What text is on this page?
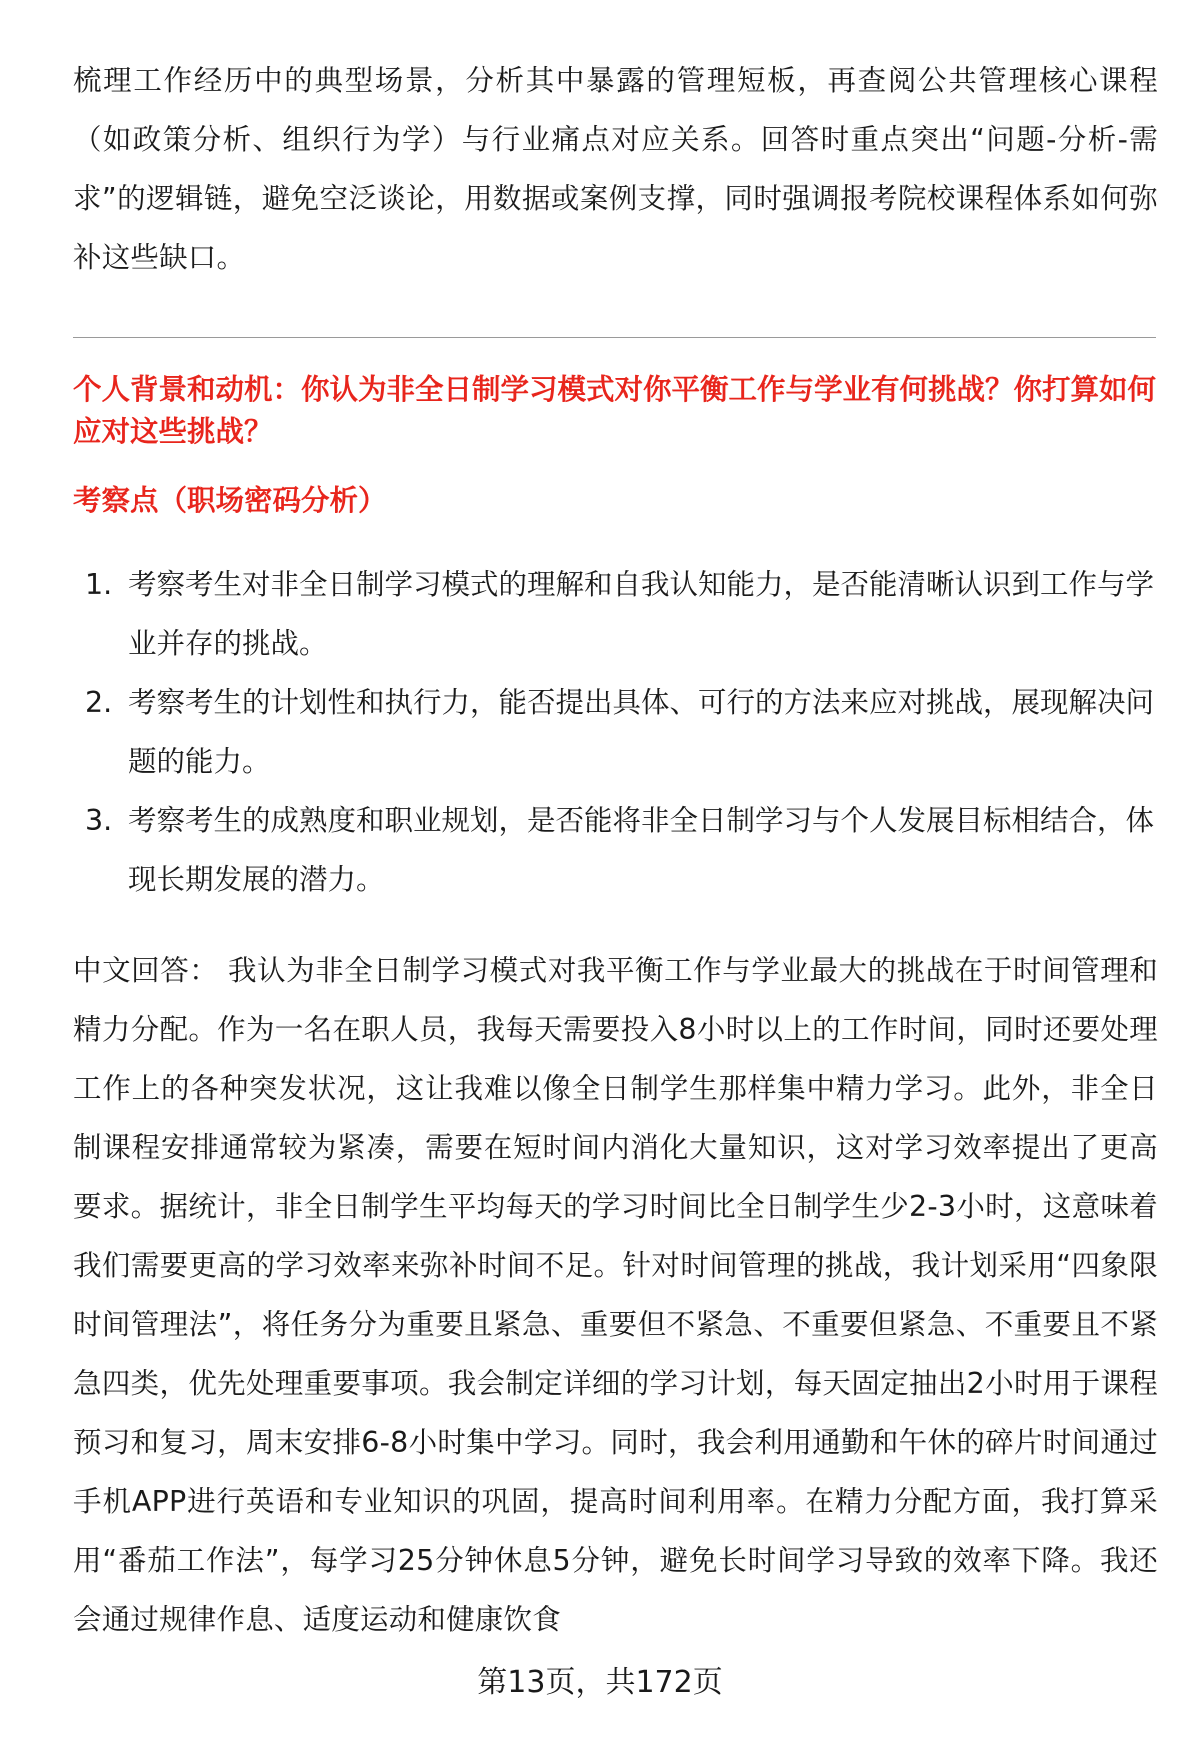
梳理工作经历中的典型场景，分析其中暴露的管理短板，再查阅公共管理核心课程（如政策分析、组织行为学）与行业痛点对应关系。回答时重点突出“问题-分析-需求”的逻辑链，避免空泛谈论，用数据或案例支撑，同时强调报考院校课程体系如何弥补这些缺口。

个人背景和动机：你认为非全日制学习模式对你平衡工作与学业有何挑战？你打算如何应对这些挑战？

考察点（职场密码分析）

1. 考察考生对非全日制学习模式的理解和自我认知能力，是否能清晰认识到工作与学业并存的挑战。
2. 考察考生的计划性和执行力，能否提出具体、可行的方法来应对挑战，展现解决问题的能力。
3. 考察考生的成熟度和职业规划，是否能将非全日制学习与个人发展目标相结合，体现长期发展的潜力。

中文回答： 我认为非全日制学习模式对我平衡工作与学业最大的挑战在于时间管理和精力分配。作为一名在职人员，我每天需要投入8小时以上的工作时间，同时还要处理工作上的各种突发状况，这让我难以像全日制学生那样集中精力学习。此外，非全日制课程安排通常较为紧凑，需要在短时间内消化大量知识，这对学习效率提出了更高要求。据统计，非全日制学生平均每天的学习时间比全日制学生少2-3小时，这意味着我们需要更高的学习效率来弥补时间不足。针对时间管理的挑战，我计划采用“四象限时间管理法”，将任务分为重要且紧急、重要但不紧急、不重要但紧急、不重要且不紧急四类，优先处理重要事项。我会制定详细的学习计划，每天固定抽出2小时用于课程预习和复习，周末安排6-8小时集中学习。同时，我会利用通勤和午休的碎片时间通过手机APP进行英语和专业知识的巩固，提高时间利用率。在精力分配方面，我打算采用“番茄工作法”，每学习25分钟休息5分钟，避免长时间学习导致的效率下降。我还会通过规律作息、适度运动和健康饮食

第13页，共172页
